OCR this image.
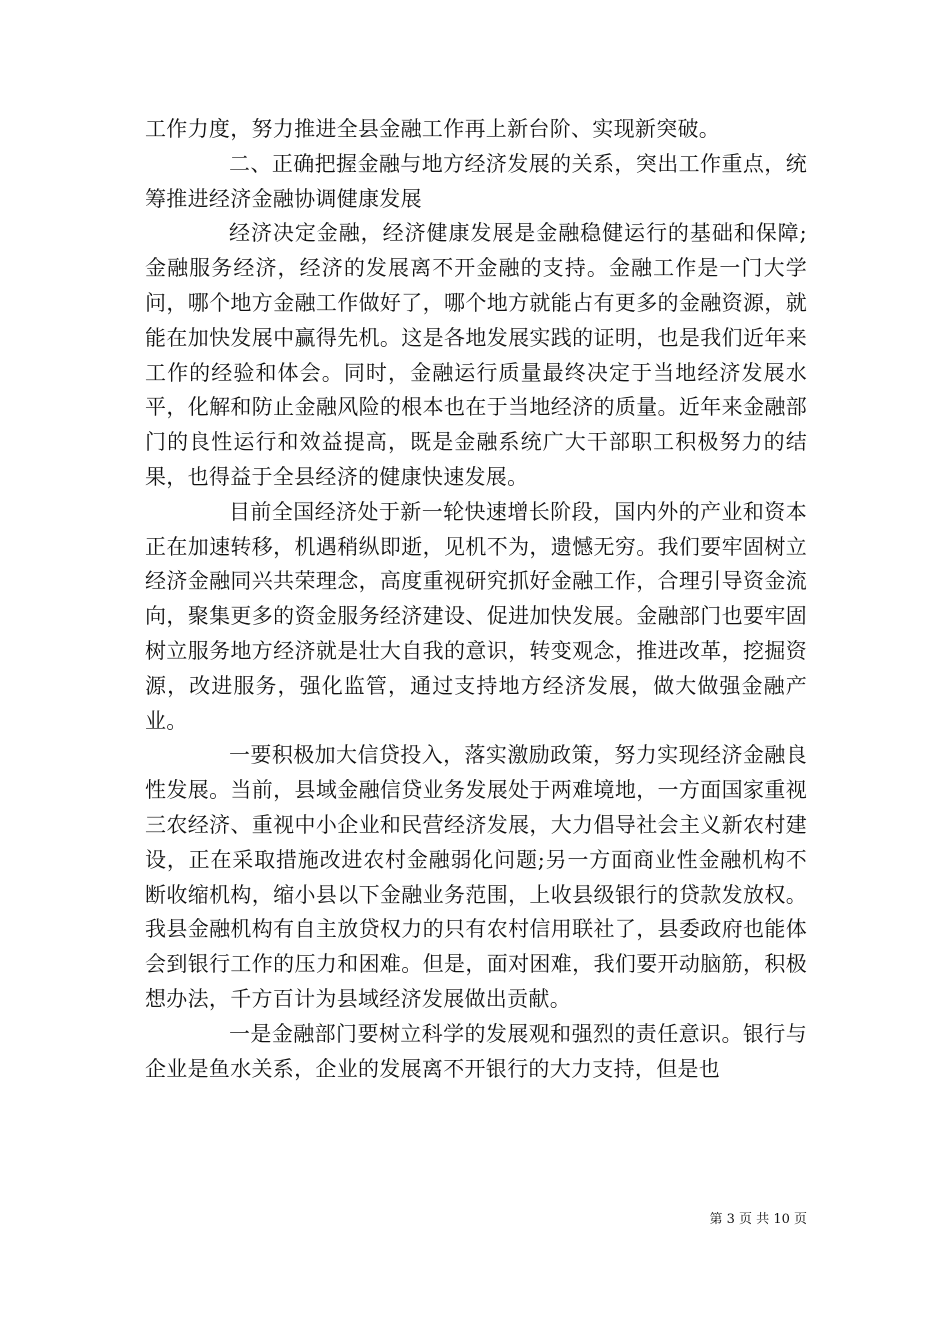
工作力度，努力推进全县金融工作再上新台阶、实现新突破。

二、正确把握金融与地方经济发展的关系，突出工作重点，统筹推进经济金融协调健康发展

经济决定金融，经济健康发展是金融稳健运行的基础和保障;金融服务经济，经济的发展离不开金融的支持。金融工作是一门大学问，哪个地方金融工作做好了，哪个地方就能占有更多的金融资源，就能在加快发展中赢得先机。这是各地发展实践的证明，也是我们近年来工作的经验和体会。同时，金融运行质量最终决定于当地经济发展水平，化解和防止金融风险的根本也在于当地经济的质量。近年来金融部门的良性运行和效益提高，既是金融系统广大干部职工积极努力的结果，也得益于全县经济的健康快速发展。

目前全国经济处于新一轮快速增长阶段，国内外的产业和资本正在加速转移，机遇稍纵即逝，见机不为，遗憾无穷。我们要牢固树立经济金融同兴共荣理念，高度重视研究抓好金融工作，合理引导资金流向，聚集更多的资金服务经济建设、促进加快发展。金融部门也要牢固树立服务地方经济就是壮大自我的意识，转变观念，推进改革，挖掘资源，改进服务，强化监管，通过支持地方经济发展，做大做强金融产业。

一要积极加大信贷投入，落实激励政策，努力实现经济金融良性发展。当前，县域金融信贷业务发展处于两难境地，一方面国家重视三农经济、重视中小企业和民营经济发展，大力倡导社会主义新农村建设，正在采取措施改进农村金融弱化问题;另一方面商业性金融机构不断收缩机构，缩小县以下金融业务范围，上收县级银行的贷款发放权。我县金融机构有自主放贷权力的只有农村信用联社了，县委政府也能体会到银行工作的压力和困难。但是，面对困难，我们要开动脑筋，积极想办法，千方百计为县域经济发展做出贡献。

一是金融部门要树立科学的发展观和强烈的责任意识。银行与企业是鱼水关系，企业的发展离不开银行的大力支持，但是也

第 3 页 共 10 页
